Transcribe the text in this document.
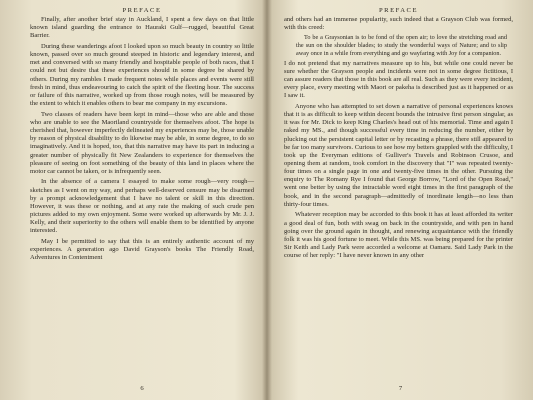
PREFACE

Finally, after another brief stay in Auckland, I spent a few days on that little known island guarding the entrance to Hauraki Gulf—rugged, beautiful Great Barrier.

During these wanderings afoot I looked upon so much beauty in country so little known, passed over so much ground steeped in historic and legendary interest, and met and conversed with so many friendly and hospitable people of both races, that I could not but desire that these experiences should in some degree be shared by others. During my rambles I made frequent notes while places and events were still fresh in mind, thus endeavouring to catch the spirit of the fleeting hour. The success or failure of this narrative, worked up from those rough notes, will be measured by the extent to which it enables others to bear me company in my excursions.

Two classes of readers have been kept in mind—those who are able and those who are unable to see the Maoriland countryside for themselves afoot. The hope is cherished that, however imperfectly delineated my experiences may be, those unable by reason of physical disability to do likewise may be able, in some degree, to do so imaginatively. And it is hoped, too, that this narrative may have its part in inducing a greater number of physically fit New Zealanders to experience for themselves the pleasure of seeing on foot something of the beauty of this land in places where the motor car cannot be taken, or is infrequently seen.

In the absence of a camera I essayed to make some rough—very rough—sketches as I went on my way, and perhaps well-deserved censure may be disarmed by a prompt acknowledgement that I have no talent or skill in this direction. However, it was these or nothing, and at any rate the making of such crude pen pictures added to my own enjoyment. Some were worked up afterwards by Mr. J. J. Kelly, and their superiority to the others will enable them to be identified by anyone interested.

May I be permitted to say that this is an entirely authentic account of my experiences. A generation ago David Grayson's books The Friendly Road, Adventures in Contentment

6
PREFACE

and others had an immense popularity, such indeed that a Grayson Club was formed, with this creed:

To be a Graysonian is to be fond of the open air; to love the stretching road and the sun on the shoulder blades; to study the wonderful ways of Nature; and to slip away once in a while from everything and go wayfaring with Joy for a companion.

I do not pretend that my narratives measure up to his, but while one could never be sure whether the Grayson people and incidents were not in some degree fictitious, I can assure readers that those in this book are all real. Such as they were every incident, every place, every meeting with Maori or pakeha is described just as it happened or as I saw it.

Anyone who has attempted to set down a narrative of personal experiences knows that it is as difficult to keep within decent bounds the intrusive first person singular, as it was for Mr. Dick to keep King Charles's head out of his memorial. Time and again I raked my MS., and though successful every time in reducing the number, either by plucking out the persistent capital letter or by recasting a phrase, there still appeared to be far too many survivors. Curious to see how my betters grappled with the difficulty, I took up the Everyman editions of Gulliver's Travels and Robinson Crusoe, and opening them at random, took comfort in the discovery that "I" was repeated twenty-four times on a single page in one and twenty-five times in the other. Pursuing the enquiry to The Romany Rye I found that George Borrow, "Lord of the Open Road," went one better by using the intractable word eight times in the first paragraph of the book, and in the second paragraph—admittedly of inordinate length—no less than thirty-four times.

Whatever reception may be accorded to this book it has at least afforded its writer a good deal of fun, both with swag on back in the countryside, and with pen in hand going over the ground again in thought, and renewing acquaintance with the friendly folk it was his good fortune to meet. While this MS. was being prepared for the printer Sir Keith and Lady Park were accorded a welcome at Oamaru. Said Lady Park in the course of her reply: "I have never known in any other

7
